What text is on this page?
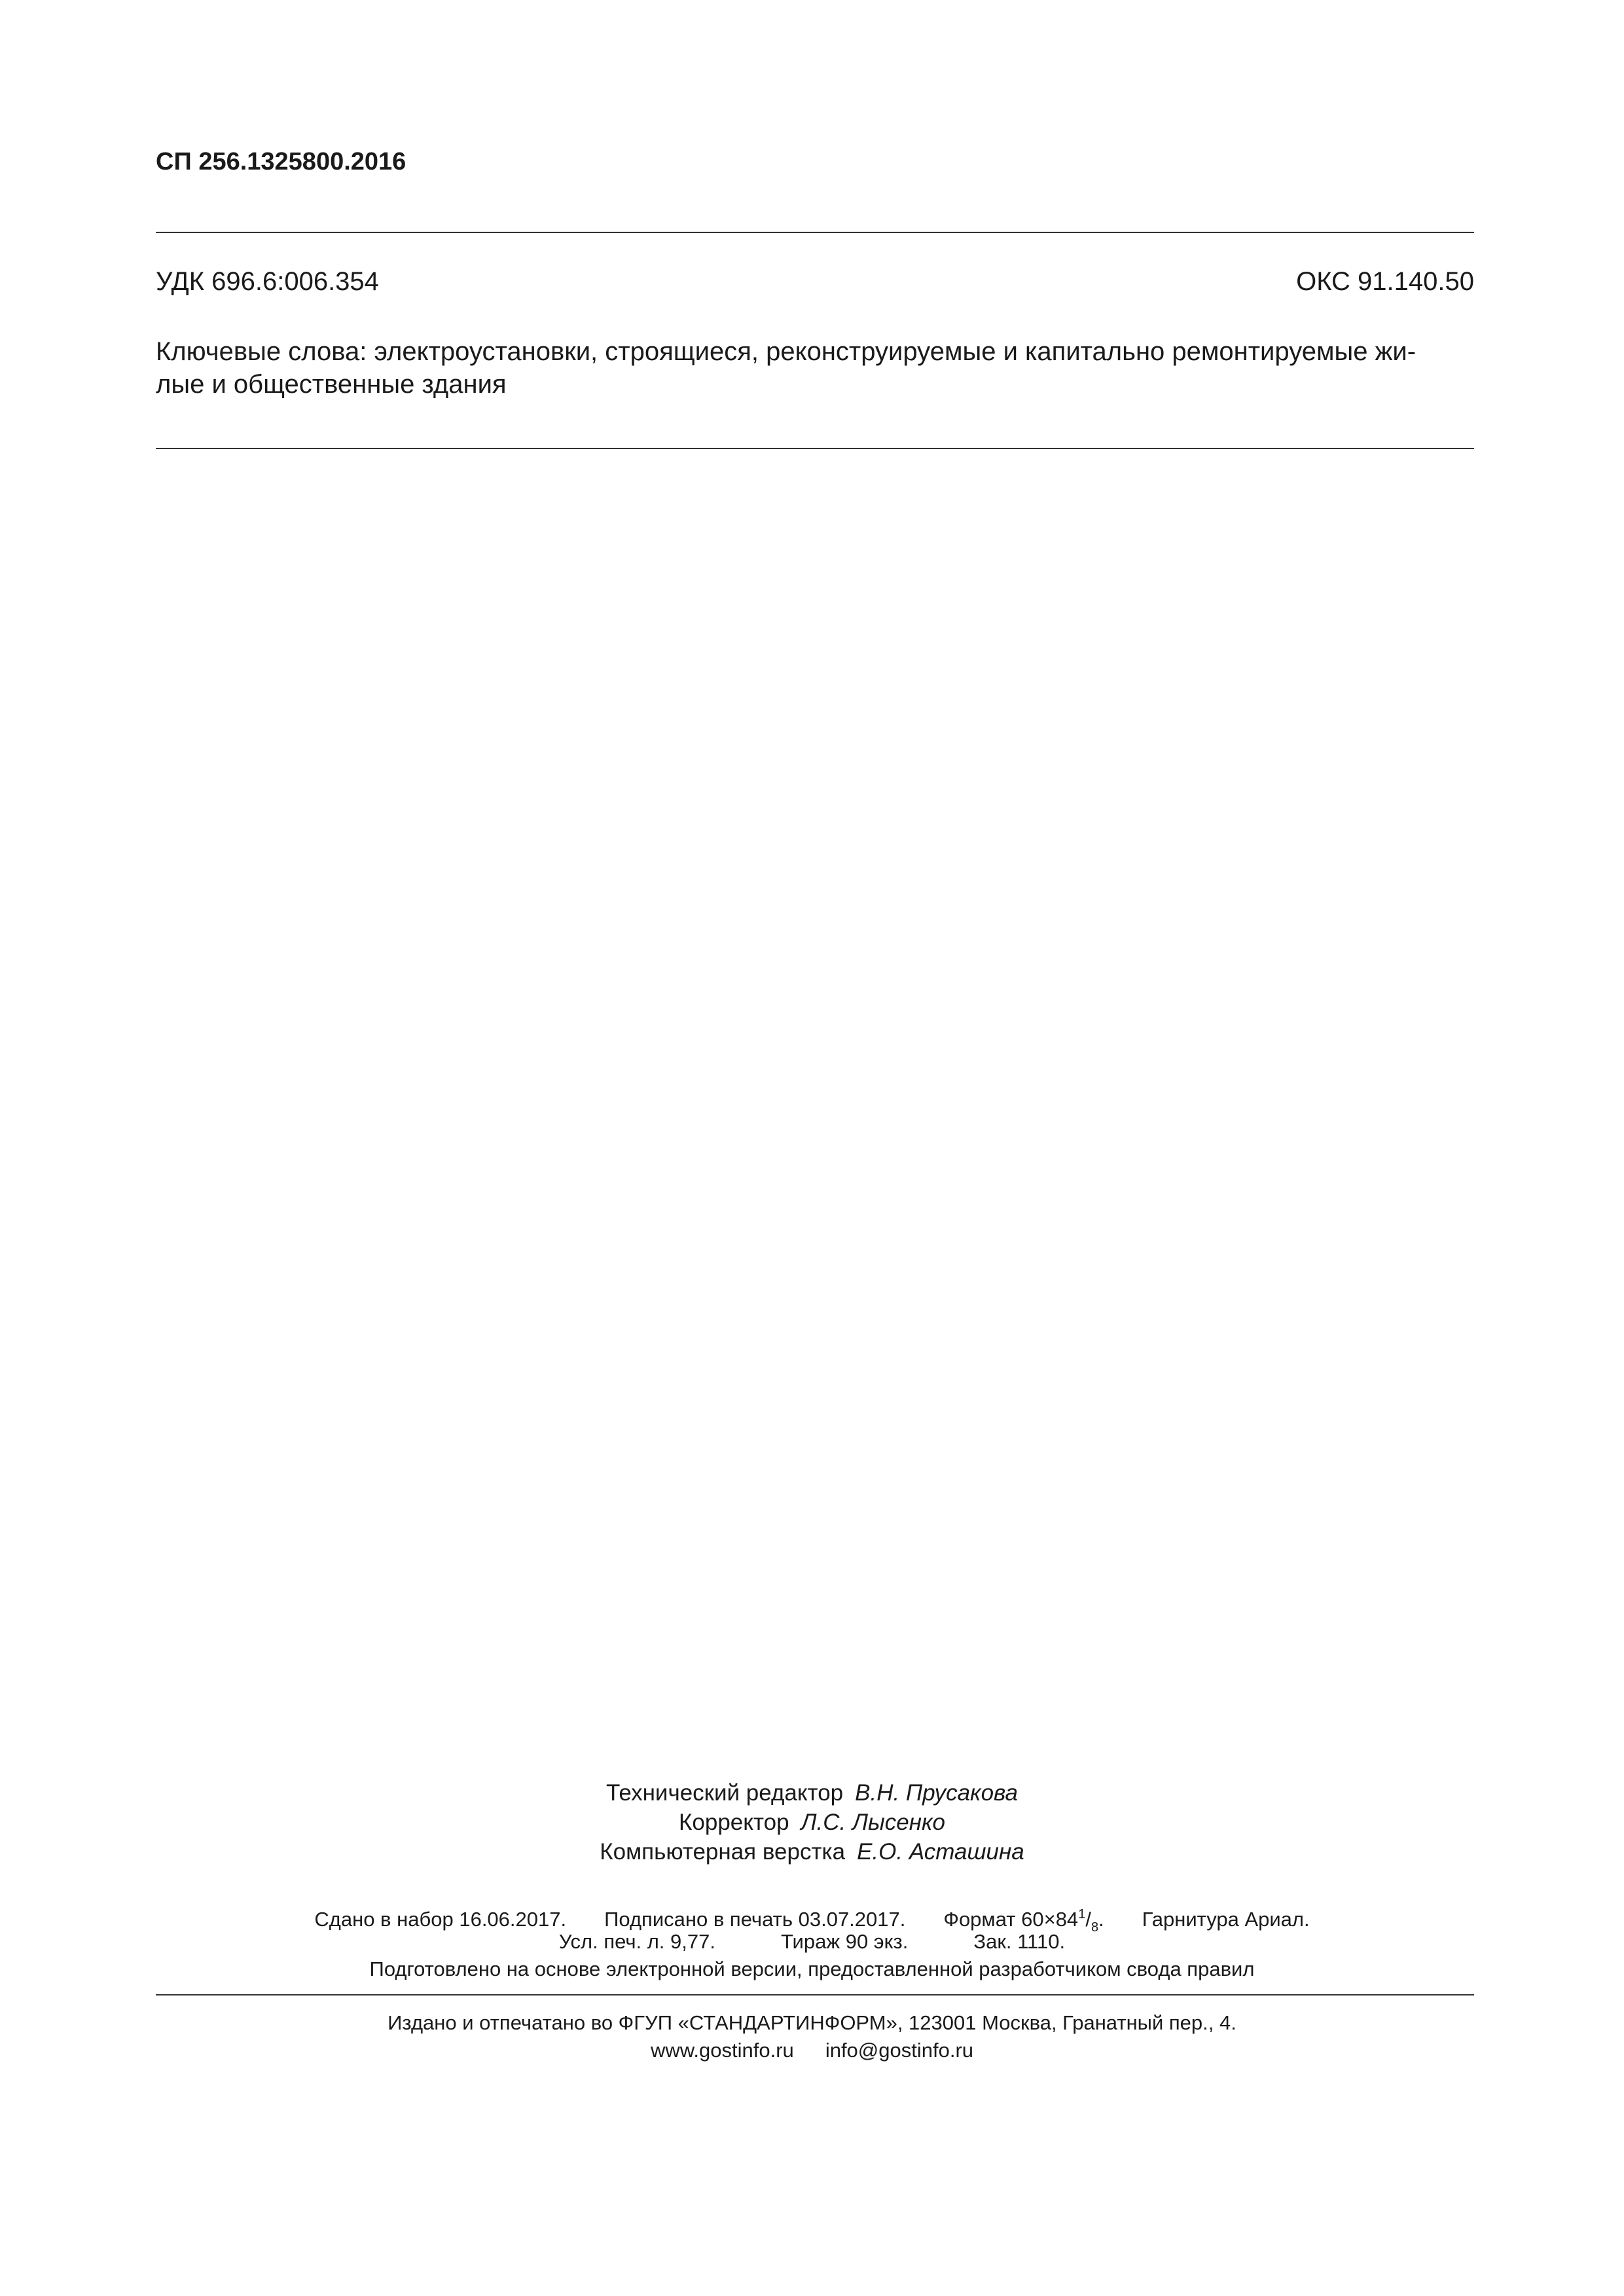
СП 256.1325800.2016
УДК 696.6:006.354	ОКС 91.140.50
Ключевые слова: электроустановки, строящиеся, реконструируемые и капитально ремонтируемые жи-
лые и общественные здания
Технический редактор В.Н. Прусакова
Корректор Л.С. Лысенко
Компьютерная верстка Е.О. Асташина
Сдано в набор 16.06.2017. Подписано в печать 03.07.2017. Формат $60\times 84^1/_8$. Гарнитура Ариал.
Усл. печ. л. 9,77.	Тираж 90 экз.	Зак. 1110.
Подготовлено на основе электронной версии, предоставленной разработчиком свода правил
Издано и отпечатано во ФГУП «СТАНДАРТИНФОРМ», 123001 Москва, Гранатный пер., 4.
www.gostinfo.ru info@gostinfo.ru
